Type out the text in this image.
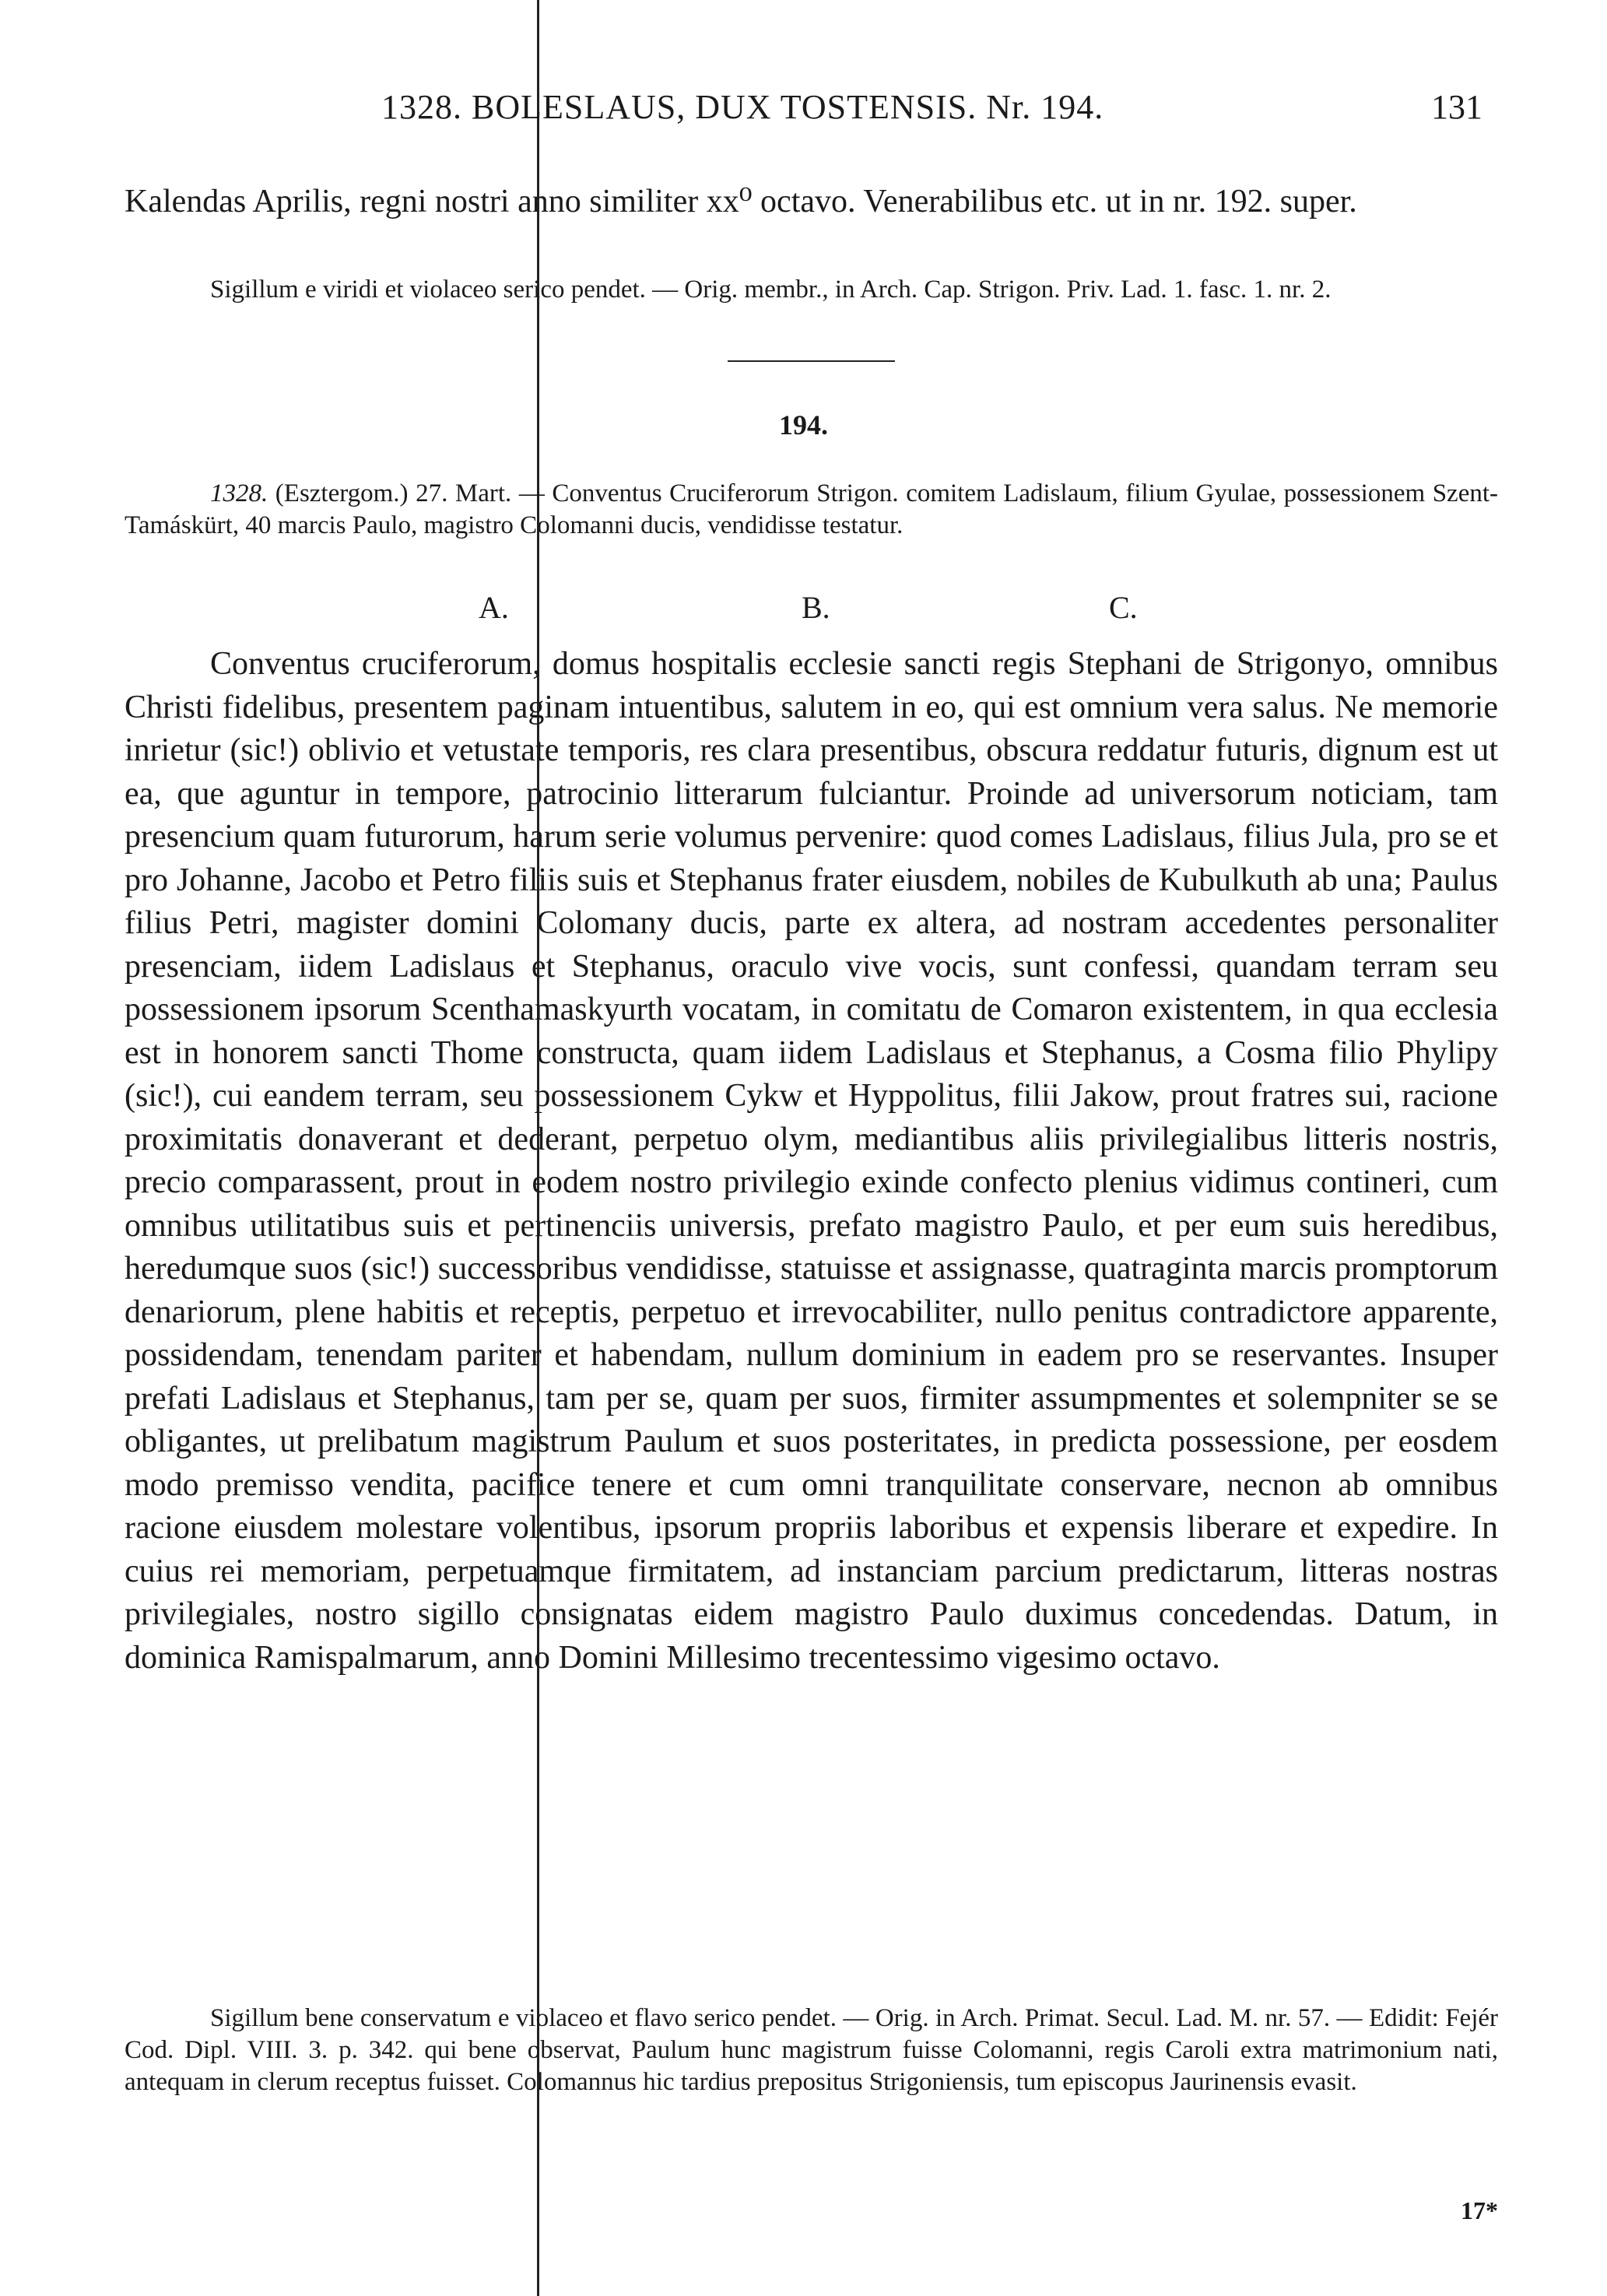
1328. BOLESLAUS, DUX TOSTENSIS. Nr. 194.	131

Kalendas Aprilis, regni nostri anno similiter xx⁰ octavo. Venerabilibus etc. ut in nr. 192. super.

Sigillum e viridi et violaceo serico pendet. — Orig. membr., in Arch. Cap. Strigon. Priv. Lad. 1. fasc. 1. nr. 2.

194.

1328. (Esztergom.) 27. Mart. — Conventus Cruciferorum Strigon. comitem Ladislaum, filium Gyulae, possessionem Szent-Tamáskürt, 40 marcis Paulo, magistro Colomanni ducis, vendidisse testatur.

A.	B.	C.

Conventus cruciferorum, domus hospitalis ecclesie sancti regis Stephani de Strigonyo, omnibus Christi fidelibus, presentem paginam intuentibus, salutem in eo, qui est omnium vera salus. Ne memorie inrietur (sic!) oblivio et vetustate temporis, res clara presentibus, obscura reddatur futuris, dignum est ut ea, que aguntur in tempore, patrocinio litterarum fulciantur. Proinde ad universorum noticiam, tam presencium quam futurorum, harum serie volumus pervenire: quod comes Ladislaus, filius Jula, pro se et pro Johanne, Jacobo et Petro filiis suis et Stephanus frater eiusdem, nobiles de Kubulkuth ab una; Paulus filius Petri, magister domini Colomany ducis, parte ex altera, ad nostram accedentes personaliter presenciam, iidem Ladislaus et Stephanus, oraculo vive vocis, sunt confessi, quandam terram seu possessionem ipsorum Scenthamaskyurth vocatam, in comitatu de Comaron existentem, in qua ecclesia est in honorem sancti Thome constructa, quam iidem Ladislaus et Stephanus, a Cosma filio Phylipy (sic!), cui eandem terram, seu possessionem Cykw et Hyppolitus, filii Jakow, prout fratres sui, racione proximitatis donaverant et dederant, perpetuo olym, mediantibus aliis privilegialibus litteris nostris, precio comparassent, prout in eodem nostro privilegio exinde confecto plenius vidimus contineri, cum omnibus utilitatibus suis et pertinenciis universis, prefato magistro Paulo, et per eum suis heredibus, heredumque suos (sic!) successoribus vendidisse, statuisse et assignasse, quatraginta marcis promptorum denariorum, plene habitis et receptis, perpetuo et irrevocabiliter, nullo penitus contradictore apparente, possidendam, tenendam pariter et habendam, nullum dominium in eadem pro se reservantes. Insuper prefati Ladislaus et Stephanus, tam per se, quam per suos, firmiter assumpmentes et solempniter se se obligantes, ut prelibatum magistrum Paulum et suos posteritates, in predicta possessione, per eosdem modo premisso vendita, pacifice tenere et cum omni tranquilitate conservare, necnon ab omnibus racione eiusdem molestare volentibus, ipsorum propriis laboribus et expensis liberare et expedire. In cuius rei memoriam, perpetuamque firmitatem, ad instanciam parcium predictarum, litteras nostras privilegiales, nostro sigillo consignatas eidem magistro Paulo duximus concedendas. Datum, in dominica Ramispalmarum, anno Domini Millesimo trecentessimo vigesimo octavo.

Sigillum bene conservatum e violaceo et flavo serico pendet. — Orig. in Arch. Primat. Secul. Lad. M. nr. 57. — Edidit: Fejér Cod. Dipl. VIII. 3. p. 342. qui bene observat, Paulum hunc magistrum fuisse Colomanni, regis Caroli extra matrimonium nati, antequam in clerum receptus fuisset. Colomannus hic tardius prepositus Strigoniensis, tum episcopus Jaurinensis evasit.

17*
